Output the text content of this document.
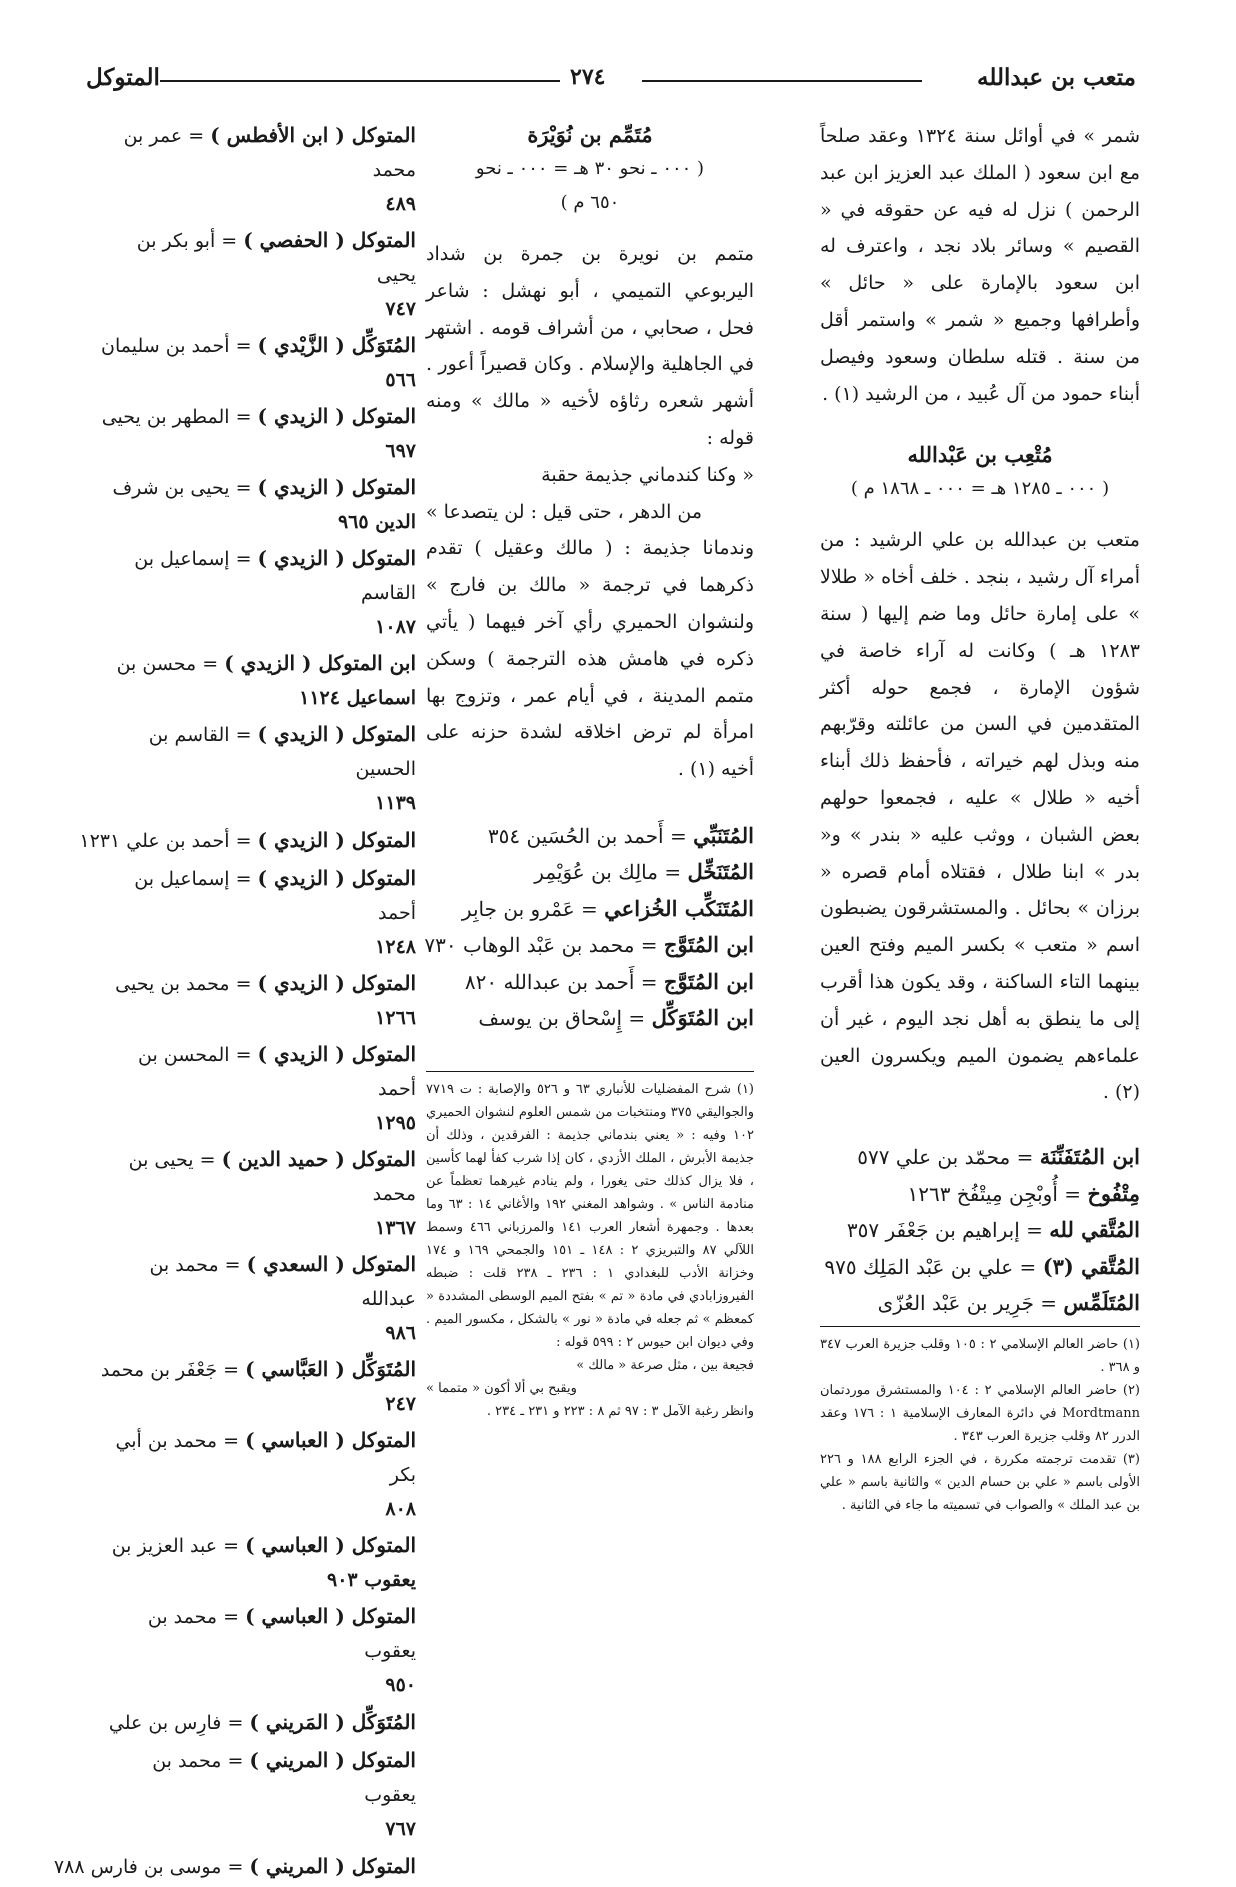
متعب بن عبدالله
٢٧٤
المتوكل

شمر » في أوائل سنة ١٣٢٤ وعقد صلحاً مع ابن سعود ( الملك عبد العزيز ابن عبد الرحمن ) نزل له فيه عن حقوقه في « القصيم » وسائر بلاد نجد ، واعترف له ابن سعود بالإمارة على « حائل » وأطرافها وجميع « شمر » واستمر أقل من سنة . قتله سلطان وسعود وفيصل أبناء حمود من آل عُبيد ، من الرشيد (١) .

مُتْعِب بن عَبْدالله

( ٠٠٠ ـ ١٢٨٥ هـ = ٠٠٠ ـ ١٨٦٨ م )

متعب بن عبدالله بن علي الرشيد : من أمراء آل رشيد ، بنجد . خلف أخاه « طلالا » على إمارة حائل وما ضم إليها ( سنة ١٢٨٣ هـ ) وكانت له آراء خاصة في شؤون الإمارة ، فجمع حوله أكثر المتقدمين في السن من عائلته وقرّبهم منه وبذل لهم خيراته ، فأحفظ ذلك أبناء أخيه « طلال » عليه ، فجمعوا حولهم بعض الشبان ، ووثب عليه « بندر » و« بدر » ابنا طلال ، فقتلاه أمام قصره « برزان » بحائل . والمستشرقون يضبطون اسم « متعب » بكسر الميم وفتح العين بينهما التاء الساكنة ، وقد يكون هذا أقرب إلى ما ينطق به أهل نجد اليوم ، غير أن علماءهم يضمون الميم ويكسرون العين (٢) .

ابن المُتَفَنِّنَة = محمّد بن علي ٥٧٧

مِتْفُوخ = أُوبْجِن مِيتْفُخ ١٢٦٣

المُتَّقي لله = إبراهيم بن جَعْفَر ٣٥٧

المُتَّقي (٣) = علي بن عَبْد المَلِك ٩٧٥

المُتَلَمِّس = جَرِير بن عَبْد العُزّى

(١) حاضر العالم الإسلامي ٢ : ١٠٥ وقلب جزيرة العرب ٣٤٧ و ٣٦٨ .

(٢) حاضر العالم الإسلامي ٢ : ١٠٤ والمستشرق موردتمان Mordtmann في دائرة المعارف الإسلامية ١ : ١٧٦ وعقد الدرر ٨٢ وقلب جزيرة العرب ٣٤٣ .

(٣) تقدمت ترجمته مكررة ، في الجزء الرابع ١٨٨ و ٢٢٦ الأولى باسم « علي بن حسام الدين » والثانية باسم « علي بن عبد الملك » والصواب في تسميته ما جاء في الثانية .

مُتَمِّم بن نُوَيْرَة

( ٠٠٠ ـ نحو ٣٠ هـ = ٠٠٠ ـ نحو

٦٥٠ م )

متمم بن نويرة بن جمرة بن شداد اليربوعي التميمي ، أبو نهشل : شاعر فحل ، صحابي ، من أشراف قومه . اشتهر في الجاهلية والإسلام . وكان قصيراً أعور . أشهر شعره رثاؤه لأخيه « مالك » ومنه قوله :

« وكنا كندماني جذيمة حقبة

من الدهر ، حتى قيل : لن يتصدعا »

وندمانا جذيمة : ( مالك وعقيل ) تقدم ذكرهما في ترجمة « مالك بن فارج » ولنشوان الحميري رأي آخر فيهما ( يأتي ذكره في هامش هذه الترجمة ) وسكن متمم المدينة ، في أيام عمر ، وتزوج بها امرأة لم ترض اخلاقه لشدة حزنه على أخيه (١) .

المُتَنَبِّي = أَحمد بن الحُسَين ٣٥٤

المُتَنَخِّل = مالِك بن عُوَيْمِر

المُتَنَكِّب الخُزاعي = عَمْرو بن جابِر

ابن المُتَوَّج = محمد بن عَبْد الوهاب ٧٣٠

ابن المُتَوَّج = أَحمد بن عبدالله ٨٢٠

ابن المُتَوَكِّل = إِسْحاق بن يوسف

(١) شرح المفضليات للأنباري ٦٣ و ٥٢٦ والإصابة : ت ٧٧١٩ والجواليقي ٣٧٥ ومنتخبات من شمس العلوم لنشوان الحميري ١٠٢ وفيه : « يعني بندماني جذيمة : الفرقدين ، وذلك أن جذيمة الأبرش ، الملك الأزدي ، كان إذا شرب كفأ لهما كأسين ، فلا يزال كذلك حتى يغورا ، ولم ينادم غيرهما تعظماً عن منادمة الناس » . وشواهد المغني ١٩٢ والأغاني ١٤ : ٦٣ وما بعدها . وجمهرة أشعار العرب ١٤١ والمرزباني ٤٦٦ وسمط اللآلي ٨٧ والتبريزي ٢ : ١٤٨ ـ ١٥١ والجمحي ١٦٩ و ١٧٤ وخزانة الأدب للبغدادي ١ : ٢٣٦ ـ ٢٣٨ قلت : ضبطه الفيروزابادي في مادة « تم » بفتح الميم الوسطى المشددة « كمعظم » ثم جعله في مادة « نور » بالشكل ، مكسور الميم . وفي ديوان ابن حيوس ٢ : ٥٩٩ قوله :

فجيعة بين ، مثل صرعة « مالك »

ويقبح بي ألا أكون « متمما »

وانظر رغبة الآمل ٣ : ٩٧ ثم ٨ : ٢٢٣ و ٢٣١ ـ ٢٣٤ .

المتوكل ( ابن الأفطس ) = عمر بن محمد

٤٨٩

المتوكل ( الحفصي ) = أبو بكر بن يحيى

٧٤٧

المُتَوَكِّل ( الزَّيْدي ) = أحمد بن سليمان

٥٦٦

المتوكل ( الزيدي ) = المطهر بن يحيى

٦٩٧

المتوكل ( الزيدي ) = يحيى بن شرف

الدين ٩٦٥

المتوكل ( الزيدي ) = إسماعيل بن القاسم

١٠٨٧

ابن المتوكل ( الزيدي ) = محسن بن

اسماعيل ١١٢٤

المتوكل ( الزيدي ) = القاسم بن الحسين

١١٣٩

المتوكل ( الزيدي ) = أحمد بن علي ١٢٣١

المتوكل ( الزيدي ) = إسماعيل بن أحمد

١٢٤٨

المتوكل ( الزيدي ) = محمد بن يحيى

١٢٦٦

المتوكل ( الزيدي ) = المحسن بن أحمد

١٢٩٥

المتوكل ( حميد الدين ) = يحيى بن محمد

١٣٦٧

المتوكل ( السعدي ) = محمد بن عبدالله

٩٨٦

المُتَوَكِّل ( العَبَّاسي ) = جَعْفَر بن محمد

٢٤٧

المتوكل ( العباسي ) = محمد بن أبي بكر

٨٠٨

المتوكل ( العباسي ) = عبد العزيز بن

يعقوب ٩٠٣

المتوكل ( العباسي ) = محمد بن يعقوب

٩٥٠

المُتَوَكِّل ( المَريني ) = فارِس بن علي

المتوكل ( المريني ) = محمد بن يعقوب

٧٦٧

المتوكل ( المريني ) = موسى بن فارس ٧٨٨
